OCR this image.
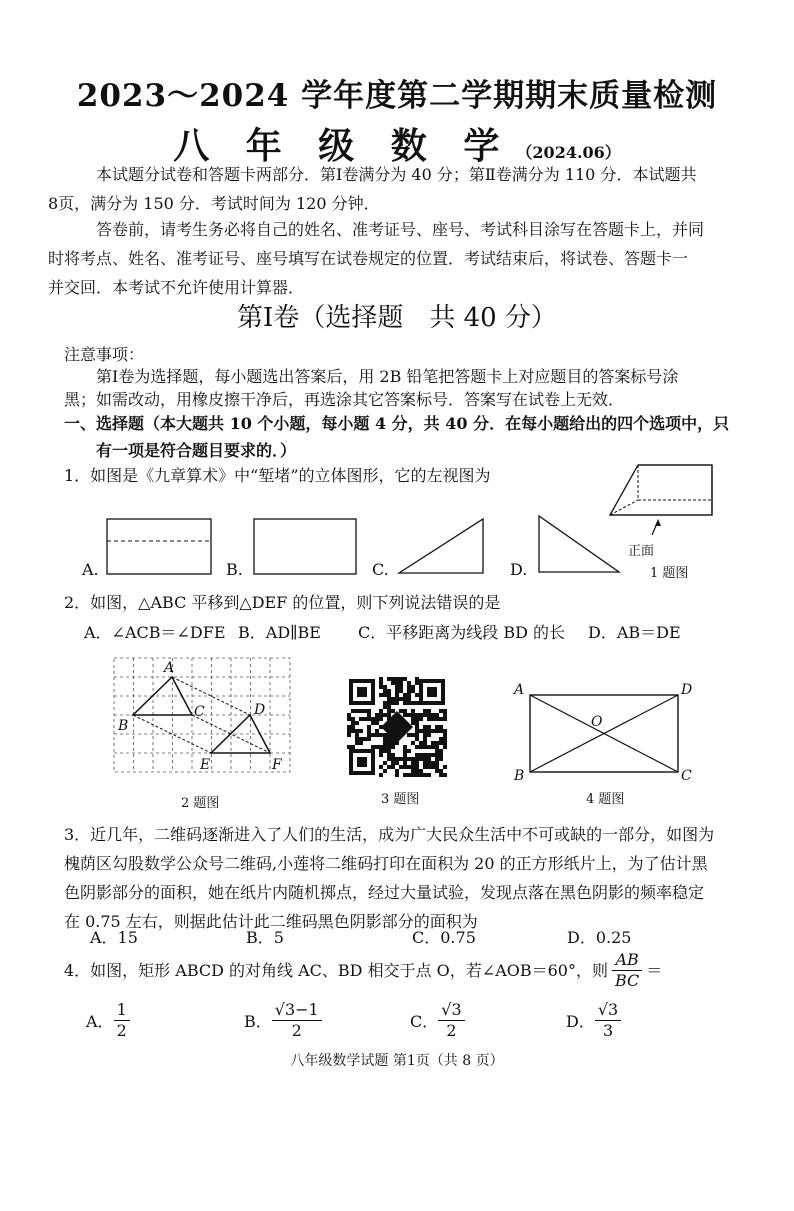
2023～2024 学年度第二学期期末质量检测
八 年 级 数 学 （2024.06）
本试题分试卷和答题卡两部分．第Ⅰ卷满分为 40 分；第Ⅱ卷满分为 110 分．本试题共
8页，满分为 150 分．考试时间为 120 分钟．
答卷前，请考生务必将自己的姓名、准考证号、座号、考试科目涂写在答题卡上，并同
时将考点、姓名、准考证号、座号填写在试卷规定的位置．考试结束后，将试卷、答题卡一
并交回．本考试不允许使用计算器．
第Ⅰ卷（选择题　共 40 分）
注意事项：
第Ⅰ卷为选择题，每小题选出答案后，用 2B 铅笔把答题卡上对应题目的答案标号涂
黑；如需改动，用橡皮擦干净后，再选涂其它答案标号．答案写在试卷上无效．
一、选择题（本大题共 10 个小题，每小题 4 分，共 40 分．在每小题给出的四个选项中，只
有一项是符合题目要求的．）
1．如图是《九章算术》中“堑堵”的立体图形，它的左视图为
正面
1 题图
A.	B.	C.	D.
2．如图，△ABC 平移到△DEF 的位置，则下列说法错误的是
A．∠ACB＝∠DFE B．AD∥BE C．平移距离为线段 BD 的长 D．AB＝DE
A
B
C	D
E	F
2 题图	3 题图
A	D
O
B	C
4 题图
3．近几年，二维码逐渐进入了人们的生活，成为广大民众生活中不可或缺的一部分，如图为
槐荫区勾股数学公众号二维码,小莲将二维码打印在面积为 20 的正方形纸片上，为了估计黑
色阴影部分的面积，她在纸片内随机掷点，经过大量试验，发现点落在黑色阴影的频率稳定
在 0.75 左右，则据此估计此二维码黑色阴影部分的面积为
A．15	B．5	C．0.75	D．0.25
4．如图，矩形 ABCD 的对角线 AC、BD 相交于点 O，若∠AOB＝60°，则 $\frac{AB}{BC}$ ＝
A． $\frac{1}{2}$	B． $\frac{√3-1}{2}$	C． $\frac{√3}{2}$	D． $\frac{√3}{3}$
八年级数学试题 第1页（共 8 页）
